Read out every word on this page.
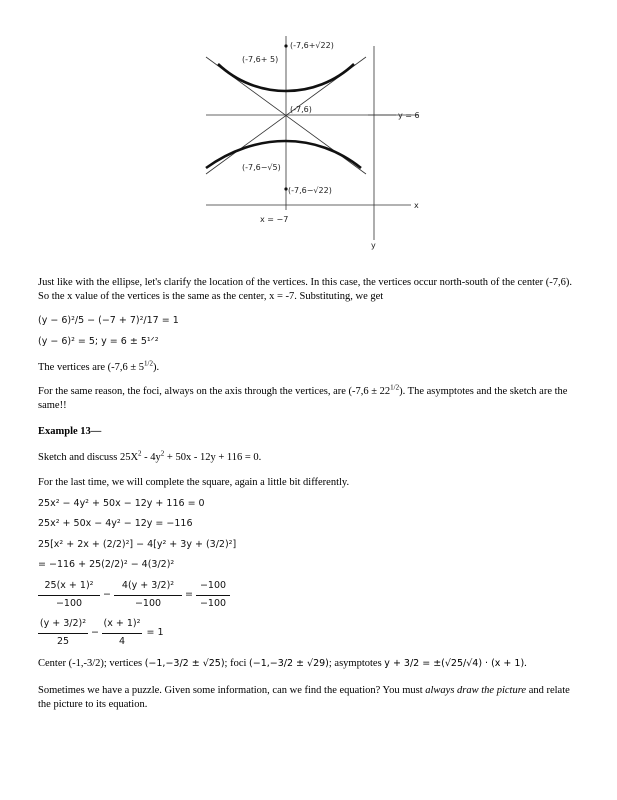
(-7,6+√22)
(-7,6+ 5)
(-7,6)
y = 6
(-7,6−√5)
(-7,6−√22)
x = −7
x
y
Just like with the ellipse, let's clarify the location of the vertices. In this case, the vertices occur north-south of the center (-7,6). So the x value of the vertices is the same as the center, x = -7. Substituting, we get
(y − 6)²/5 − (−7 + 7)²/17 = 1
(y − 6)² = 5; y = 6 ± 5¹ᐟ²
The vertices are $(-7,6 \pm 5^{1/2})$.
For the same reason, the foci, always on the axis through the vertices, are $(-7,6 \pm 22^{1/2})$. The asymptotes and the sketch are the same!!
Example 13—
Sketch and discuss $25X^2 - 4y^2 + 50x - 12y + 116 = 0$.
For the last time, we will complete the square, again a little bit differently.
25x² − 4y² + 50x − 12y + 116 = 0
25x² + 50x − 4y² − 12y = −116
25[x² + 2x + (2/2)²] − 4[y² + 3y + (3/2)²]
= −116 + 25(2/2)² − 4(3/2)²
25(x + 1)²
−100
−
4(y + 3/2)²
−100
=
−100
−100
(y + 3/2)²
25
−
(x + 1)²
4
= 1
Center (-1,-3/2); vertices (−1,−3/2 ± √25); foci (−1,−3/2 ± √29); asymptotes y + 3/2 = ±(√25/√4) · (x + 1).
Sometimes we have a puzzle. Given some information, can we find the equation? You must always draw the picture and relate the picture to its equation.
